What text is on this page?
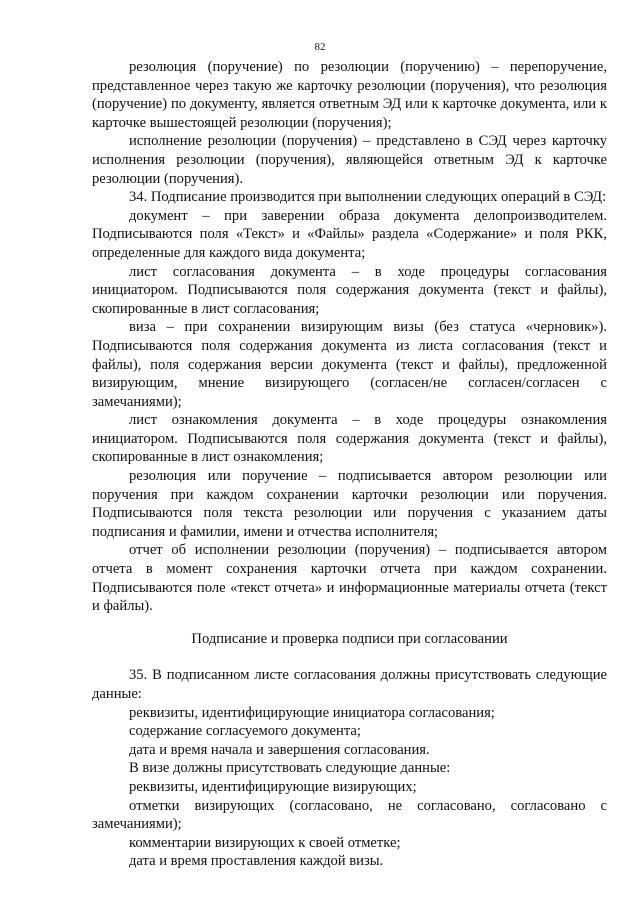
82

резолюция (поручение) по резолюции (поручению) – перепоручение, представленное через такую же карточку резолюции (поручения), что резолюция (поручение) по документу, является ответным ЭД или к карточке документа, или к карточке вышестоящей резолюции (поручения);

исполнение резолюции (поручения) – представлено в СЭД через карточку исполнения резолюции (поручения), являющейся ответным ЭД к карточке резолюции (поручения).

34. Подписание производится при выполнении следующих операций в СЭД:

документ – при заверении образа документа делопроизводителем. Подписываются поля «Текст» и «Файлы» раздела «Содержание» и поля РКК, определенные для каждого вида документа;

лист согласования документа – в ходе процедуры согласования инициатором. Подписываются поля содержания документа (текст и файлы), скопированные в лист согласования;

виза – при сохранении визирующим визы (без статуса «черновик»). Подписываются поля содержания документа из листа согласования (текст и файлы), поля содержания версии документа (текст и файлы), предложенной визирующим, мнение визирующего (согласен/не согласен/согласен с замечаниями);

лист ознакомления документа – в ходе процедуры ознакомления инициатором. Подписываются поля содержания документа (текст и файлы), скопированные в лист ознакомления;

резолюция или поручение – подписывается автором резолюции или поручения при каждом сохранении карточки резолюции или поручения. Подписываются поля текста резолюции или поручения с указанием даты подписания и фамилии, имени и отчества исполнителя;

отчет об исполнении резолюции (поручения) – подписывается автором отчета в момент сохранения карточки отчета при каждом сохранении. Подписываются поле «текст отчета» и информационные материалы отчета (текст и файлы).

Подписание и проверка подписи при согласовании

35. В подписанном листе согласования должны присутствовать следующие данные:

реквизиты, идентифицирующие инициатора согласования;

содержание согласуемого документа;

дата и время начала и завершения согласования.

В визе должны присутствовать следующие данные:

реквизиты, идентифицирующие визирующих;

отметки визирующих (согласовано, не согласовано, согласовано с замечаниями);

комментарии визирующих к своей отметке;

дата и время проставления каждой визы.
